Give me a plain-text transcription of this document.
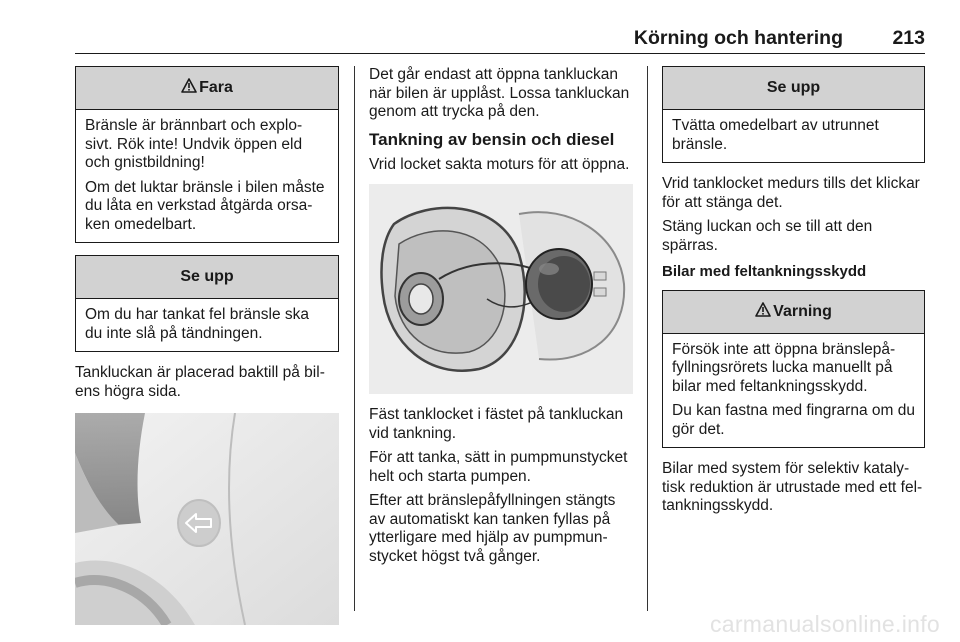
Körning och hantering	213
Fara

Bränsle är brännbart och explo-sivt. Rök inte! Undvik öppen eld och gnistbildning!

Om det luktar bränsle i bilen måste du låta en verkstad åtgärda orsa-ken omedelbart.

Se upp

Om du har tankat fel bränsle ska du inte slå på tändningen.

Tankluckan är placerad baktill på bil-ens högra sida.

Det går endast att öppna tankluckan när bilen är upplåst. Lossa tankluckan genom att trycka på den.

Tankning av bensin och diesel

Vrid locket sakta moturs för att öppna.

Fäst tanklocket i fästet på tankluckan vid tankning.

För att tanka, sätt in pumpmunstycket helt och starta pumpen.

Efter att bränslepåfyllningen stängts av automatiskt kan tanken fyllas på ytterligare med hjälp av pumpmun-stycket högst två gånger.

Se upp

Tvätta omedelbart av utrunnet bränsle.

Vrid tanklocket medurs tills det klickar för att stänga det.

Stäng luckan och se till att den spärras.

Bilar med feltankningsskydd
Varning

Försök inte att öppna bränslepå-fyllningsrörets lucka manuellt på bilar med feltankningsskydd.

Du kan fastna med fingrarna om du gör det.

Bilar med system för selektiv kataly-tisk reduktion är utrustade med ett fel-tankningsskydd.

carmanualsonline.info
